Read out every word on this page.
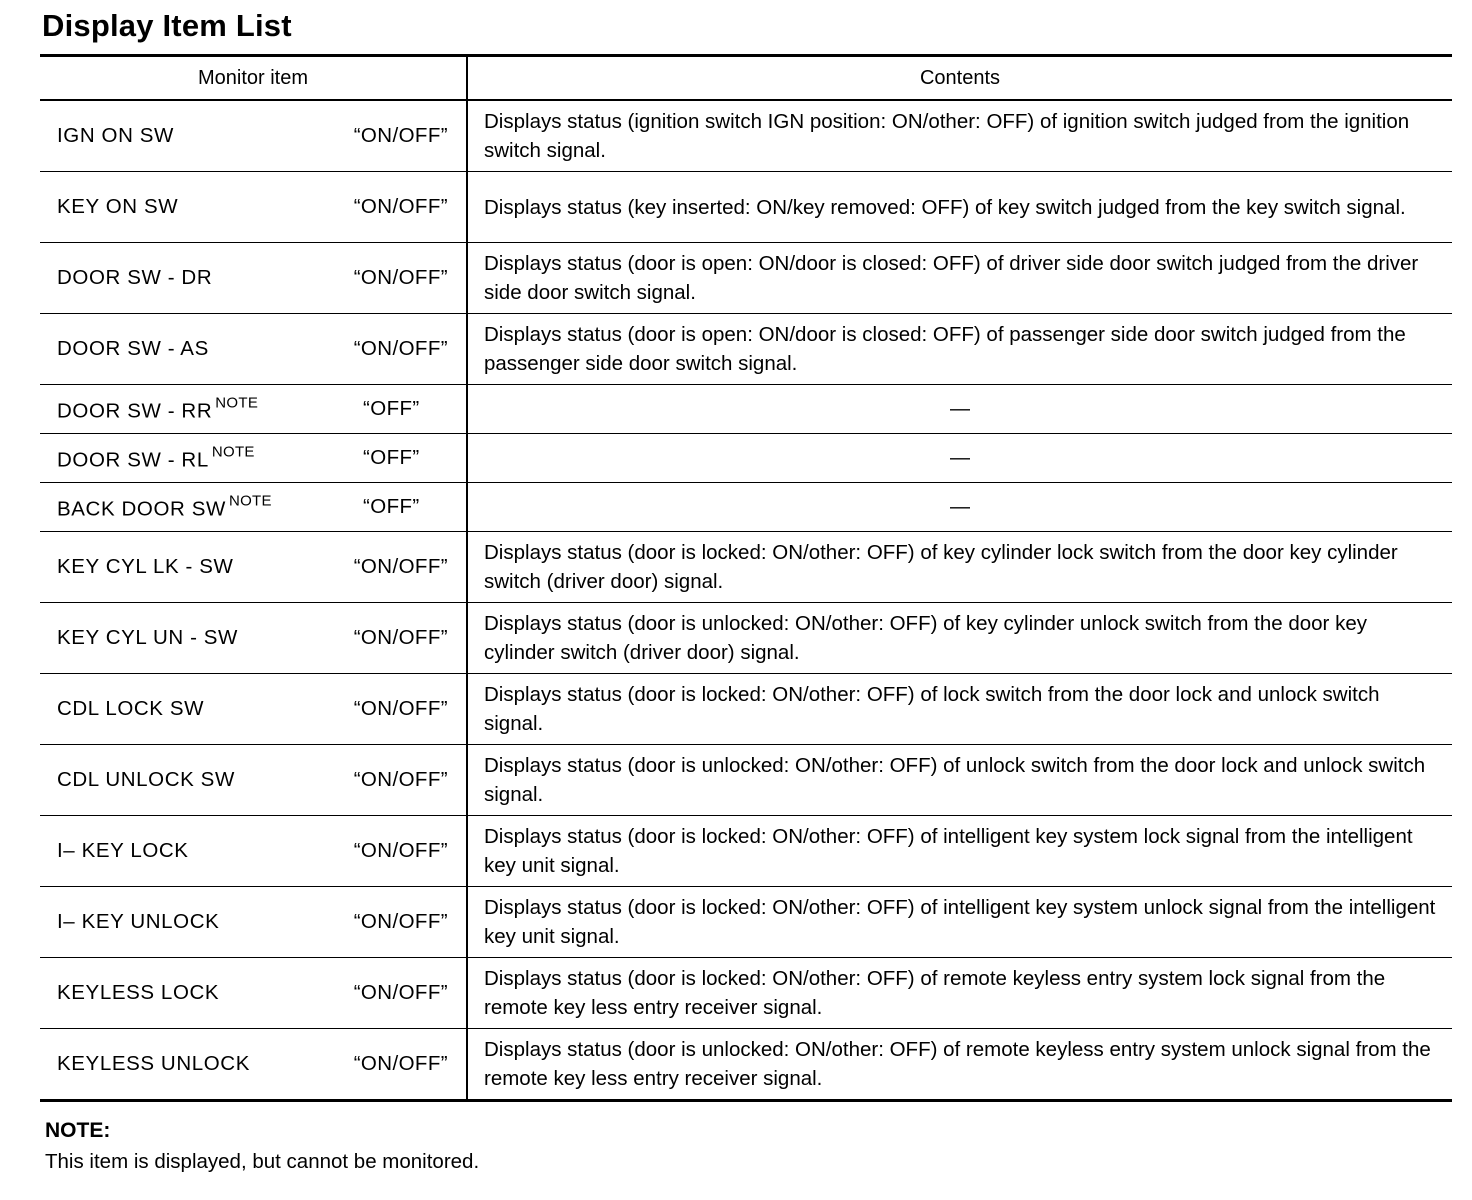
Display Item List
Monitor item	Contents

IGN ON SW “ON/OFF”	Displays status (ignition switch IGN position: ON/other: OFF) of ignition switch judged from the ignition switch signal.

KEY ON SW “ON/OFF”	Displays status (key inserted: ON/key removed: OFF) of key switch judged from the key switch signal.

DOOR SW - DR “ON/OFF”	Displays status (door is open: ON/door is closed: OFF) of driver side door switch judged from the driver side door switch signal.

DOOR SW - AS “ON/OFF”	Displays status (door is open: ON/door is closed: OFF) of passenger side door switch judged from the passenger side door switch signal.

DOOR SW - RR $^{NOTE}$ “OFF”	—

DOOR SW - RL $^{NOTE}$ “OFF”	—

BACK DOOR SW $^{NOTE}$ “OFF”	—

KEY CYL LK - SW “ON/OFF”	Displays status (door is locked: ON/other: OFF) of key cylinder lock switch from the door key cylinder switch (driver door) signal.

KEY CYL UN - SW “ON/OFF”	Displays status (door is unlocked: ON/other: OFF) of key cylinder unlock switch from the door key cylinder switch (driver door) signal.

CDL LOCK SW “ON/OFF”	Displays status (door is locked: ON/other: OFF) of lock switch from the door lock and unlock switch signal.

CDL UNLOCK SW “ON/OFF”	Displays status (door is unlocked: ON/other: OFF) of unlock switch from the door lock and unlock switch signal.

I– KEY LOCK “ON/OFF”	Displays status (door is locked: ON/other: OFF) of intelligent key system lock signal from the intelligent key unit signal.

I– KEY UNLOCK “ON/OFF”	Displays status (door is locked: ON/other: OFF) of intelligent key system unlock signal from the intelligent key unit signal.

KEYLESS LOCK “ON/OFF”	Displays status (door is locked: ON/other: OFF) of remote keyless entry system lock signal from the remote key less entry receiver signal.

KEYLESS UNLOCK “ON/OFF”	Displays status (door is unlocked: ON/other: OFF) of remote keyless entry system unlock signal from the remote key less entry receiver signal.
NOTE:
This item is displayed, but cannot be monitored.
